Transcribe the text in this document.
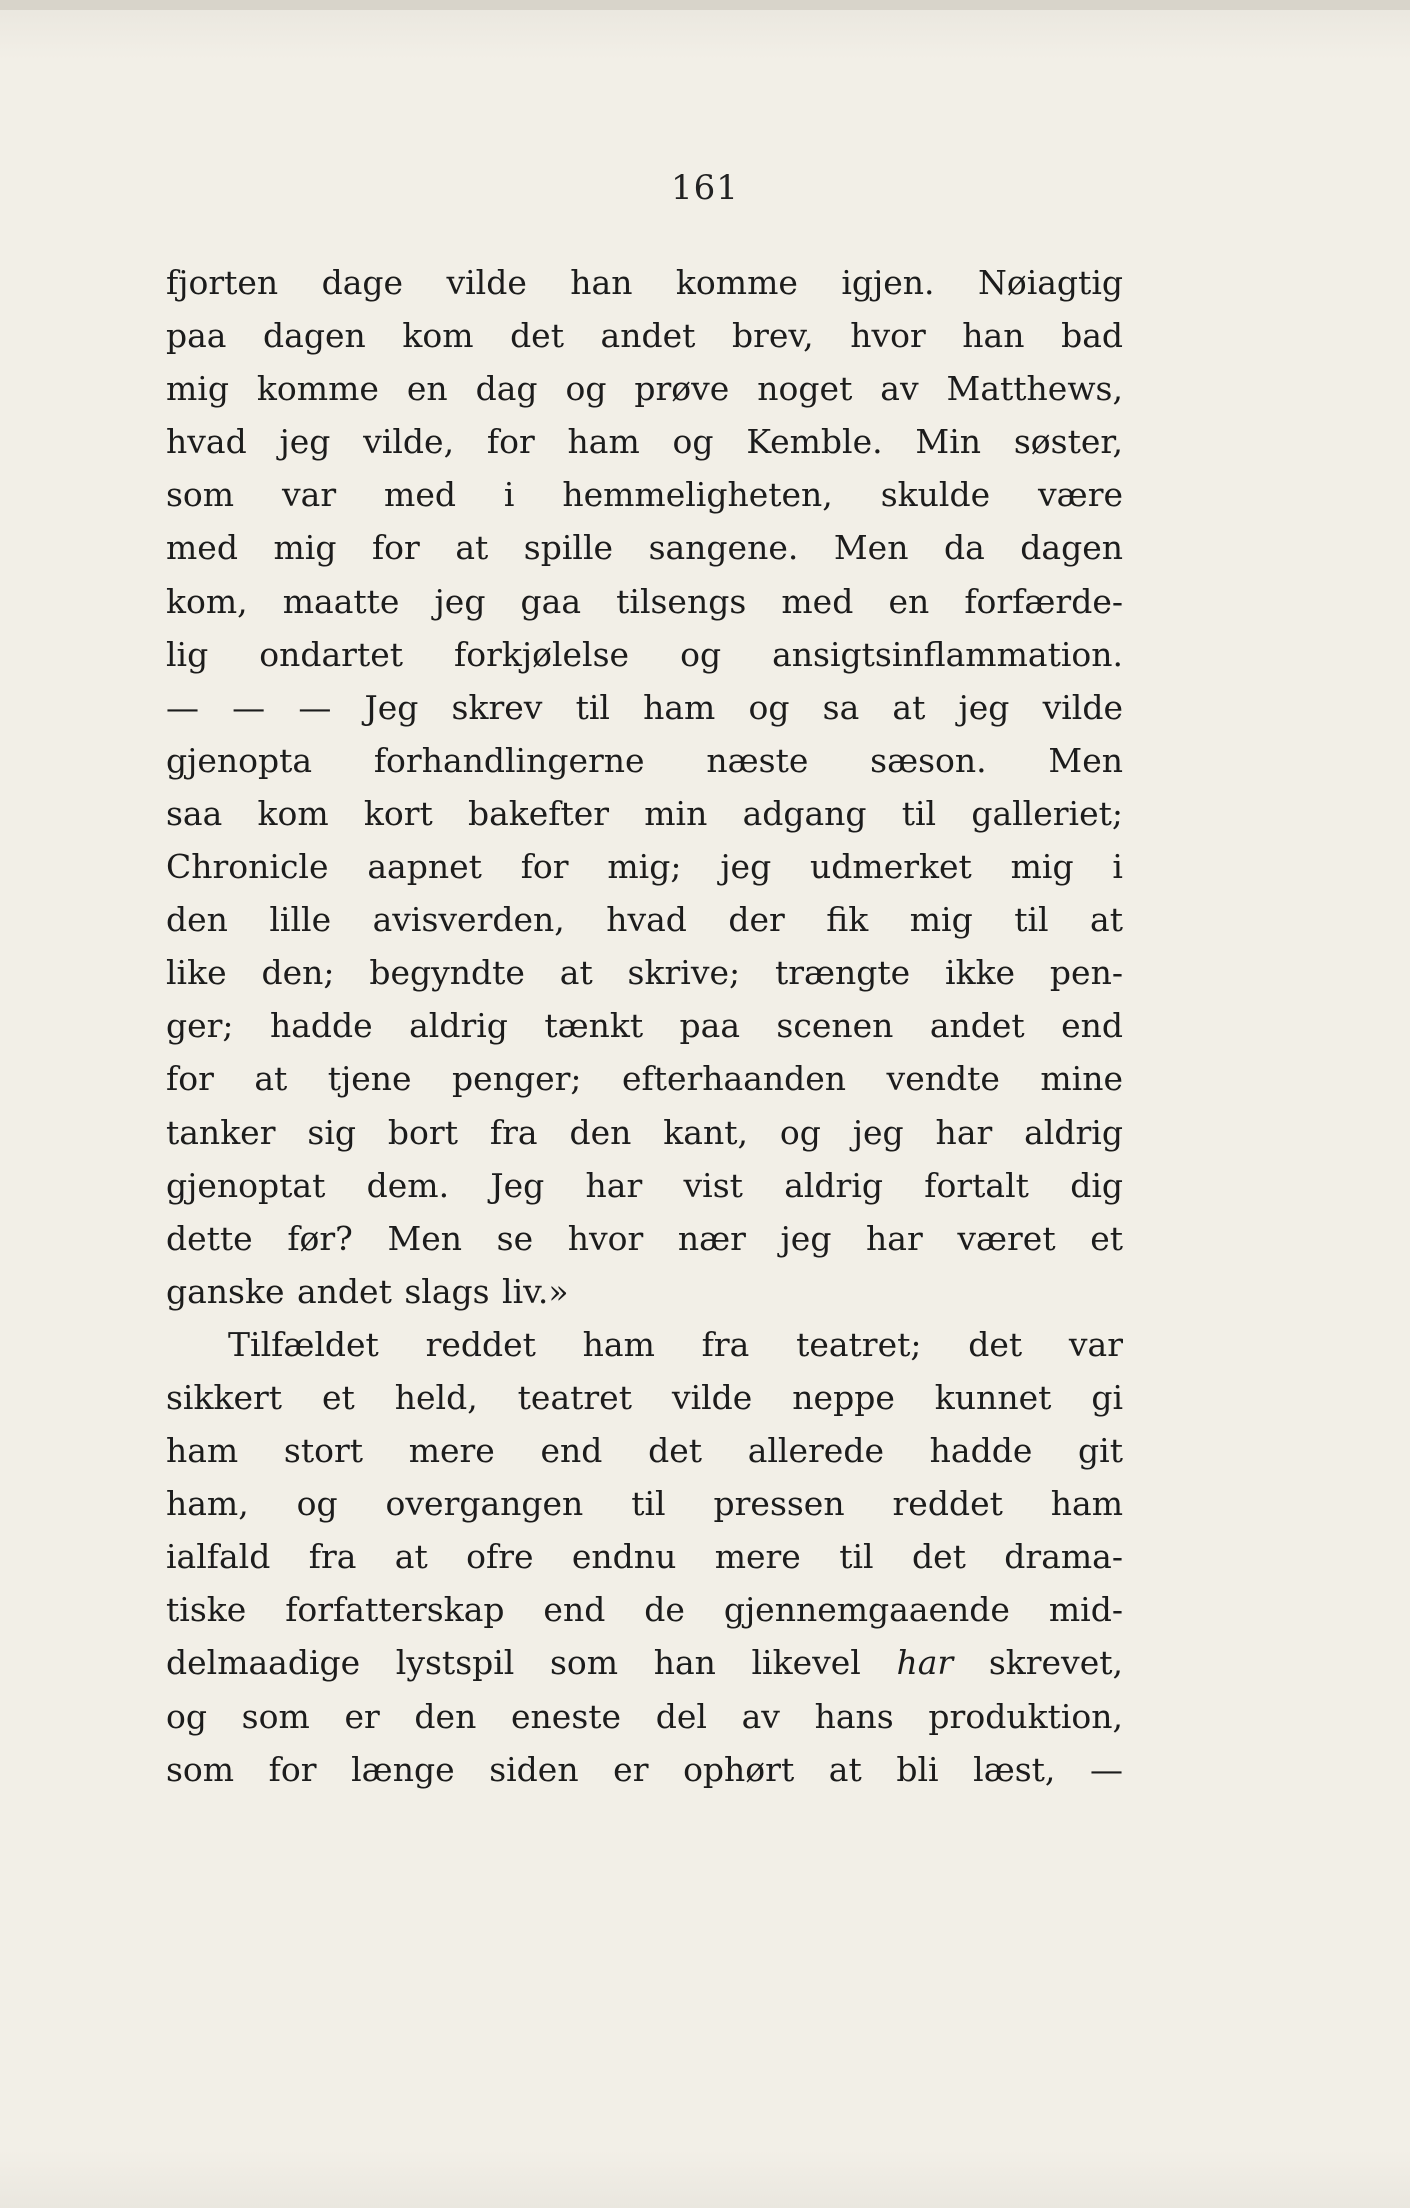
161
fjorten dage vilde han komme igjen. Nøiagtig
paa dagen kom det andet brev, hvor han bad
mig komme en dag og prøve noget av Matthews,
hvad jeg vilde, for ham og Kemble. Min søster,
som var med i hemmeligheten, skulde være
med mig for at spille sangene. Men da dagen
kom, maatte jeg gaa tilsengs med en forfærde-
lig ondartet forkjølelse og ansigtsinflammation.
— — — Jeg skrev til ham og sa at jeg vilde
gjenopta forhandlingerne næste sæson. Men
saa kom kort bakefter min adgang til galleriet;
Chronicle aapnet for mig; jeg udmerket mig i
den lille avisverden, hvad der fik mig til at
like den; begyndte at skrive; trængte ikke pen-
ger; hadde aldrig tænkt paa scenen andet end
for at tjene penger; efterhaanden vendte mine
tanker sig bort fra den kant, og jeg har aldrig
gjenoptat dem. Jeg har vist aldrig fortalt dig
dette før? Men se hvor nær jeg har været et
ganske andet slags liv.»
Tilfældet reddet ham fra teatret; det var
sikkert et held, teatret vilde neppe kunnet gi
ham stort mere end det allerede hadde git
ham, og overgangen til pressen reddet ham
ialfald fra at ofre endnu mere til det drama-
tiske forfatterskap end de gjennemgaaende mid-
delmaadige lystspil som han likevel har skrevet,
og som er den eneste del av hans produktion,
som for længe siden er ophørt at bli læst, —
